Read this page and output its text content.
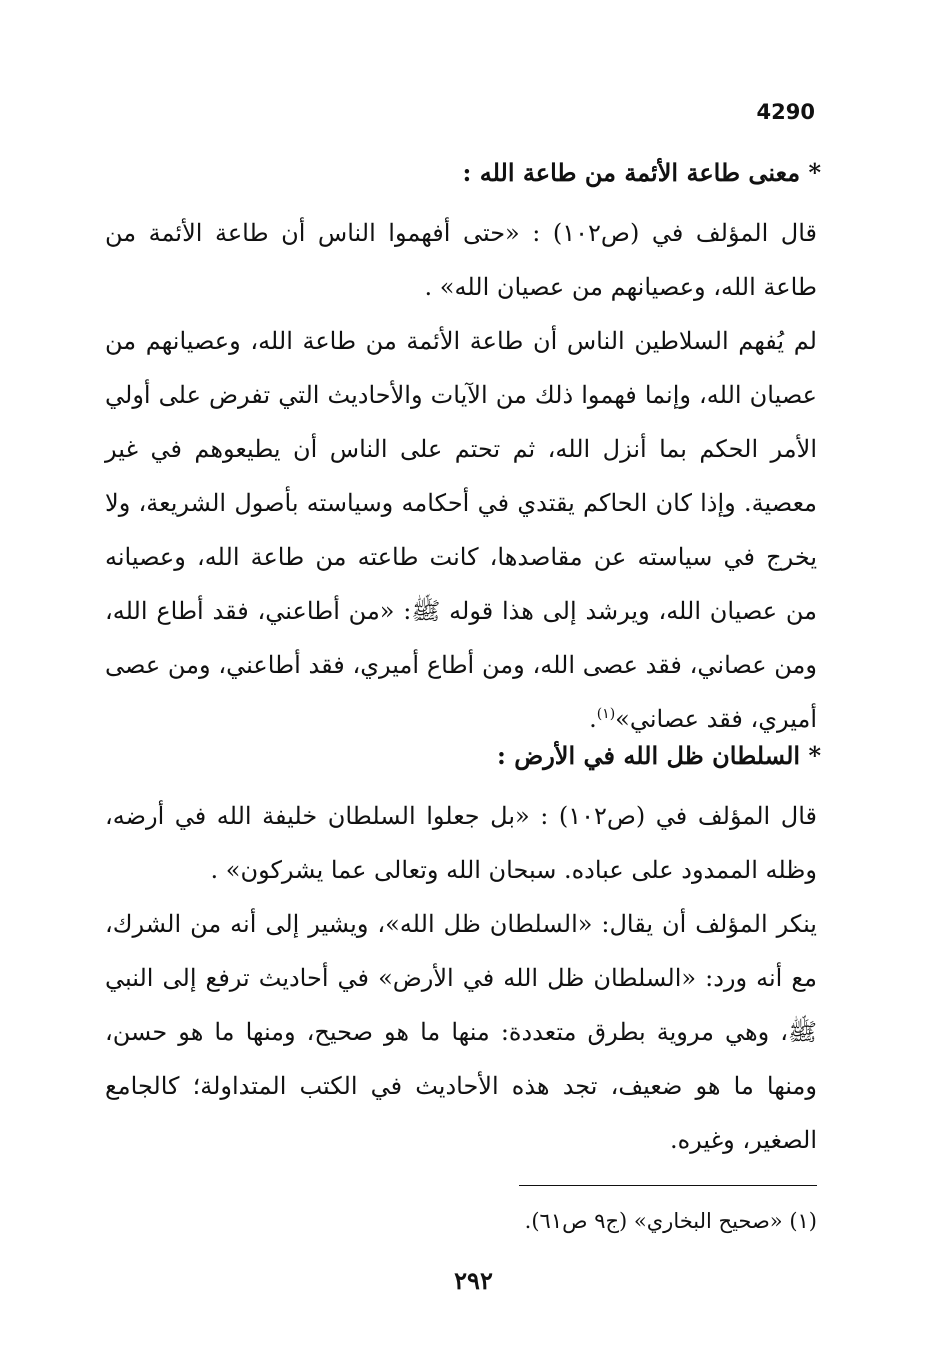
4290
* معنى طاعة الأئمة من طاعة الله :

قال المؤلف في (ص١٠٢) : «حتى أفهموا الناس أن طاعة الأئمة من طاعة الله، وعصيانهم من عصيان الله» .

لم يُفهم السلاطين الناس أن طاعة الأئمة من طاعة الله، وعصيانهم من عصيان الله، وإنما فهموا ذلك من الآيات والأحاديث التي تفرض على أولي الأمر الحكم بما أنزل الله، ثم تحتم على الناس أن يطيعوهم في غير معصية. وإذا كان الحاكم يقتدي في أحكامه وسياسته بأصول الشريعة، ولا يخرج في سياسته عن مقاصدها، كانت طاعته من طاعة الله، وعصيانه من عصيان الله، ويرشد إلى هذا قوله ﷺ: «من أطاعني، فقد أطاع الله، ومن عصاني، فقد عصى الله، ومن أطاع أميري، فقد أطاعني، ومن عصى أميري، فقد عصاني»$^{(١)}$.

* السلطان ظل الله في الأرض :

قال المؤلف في (ص١٠٢) : «بل جعلوا السلطان خليفة الله في أرضه، وظله الممدود على عباده. سبحان الله وتعالى عما يشركون» .

ينكر المؤلف أن يقال: «السلطان ظل الله»، ويشير إلى أنه من الشرك، مع أنه ورد: «السلطان ظل الله في الأرض» في أحاديث ترفع إلى النبي ﷺ، وهي مروية بطرق متعددة: منها ما هو صحيح، ومنها ما هو حسن، ومنها ما هو ضعيف، تجد هذه الأحاديث في الكتب المتداولة؛ كالجامع الصغير، وغيره.

(١) «صحيح البخاري» (ج٩ ص٦١).
٢٩٢
